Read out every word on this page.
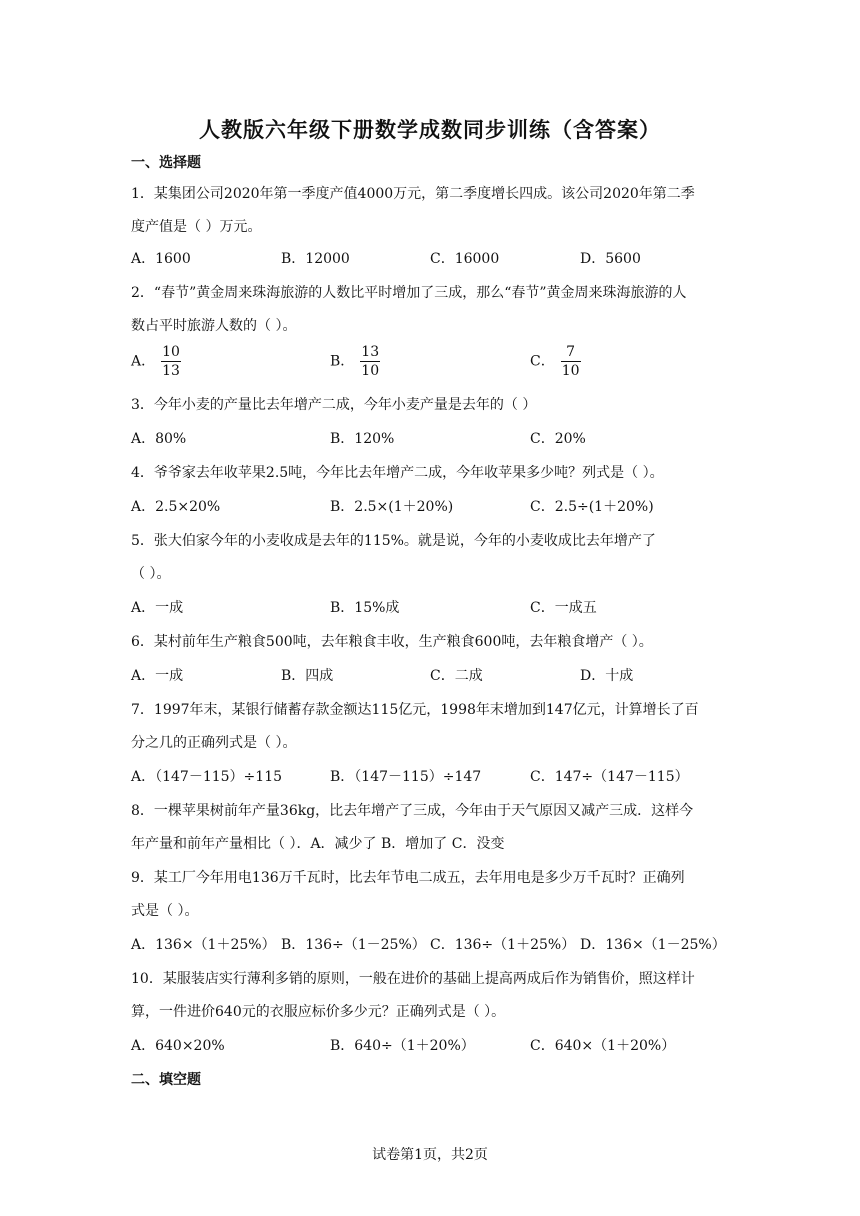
人教版六年级下册数学成数同步训练（含答案）
一、选择题
1．某集团公司2020年第一季度产值4000万元，第二季度增长四成。该公司2020年第二季
度产值是（ ）万元。
A．1600	B．12000	C．16000	D．5600
2．“春节”黄金周来珠海旅游的人数比平时增加了三成，那么“春节”黄金周来珠海旅游的人
数占平时旅游人数的（ ）。
A． $\frac{10}{13}$	B． $\frac{13}{10}$	C． $\frac{7}{10}$
3．今年小麦的产量比去年增产二成，今年小麦产量是去年的（ ）
A．80%	B．120%	C．20%
4．爷爷家去年收苹果2.5吨，今年比去年增产二成，今年收苹果多少吨？列式是（ ）。
A．2.5×20%	B．2.5×(1＋20%)	C．2.5÷(1＋20%)
5．张大伯家今年的小麦收成是去年的115%。就是说，今年的小麦收成比去年增产了
（ ）。
A．一成	B．15%成	C．一成五
6．某村前年生产粮食500吨，去年粮食丰收，生产粮食600吨，去年粮食增产（ ）。
A．一成	B．四成	C．二成	D．十成
7．1997年末，某银行储蓄存款金额达115亿元，1998年末增加到147亿元，计算增长了百
分之几的正确列式是（ ）。
A．（147－115）÷115	B．（147－115）÷147	C．147÷（147－115）
8．一棵苹果树前年产量36kg，比去年增产了三成，今年由于天气原因又减产三成．这样今
年产量和前年产量相比（ ）．A．减少了 B．增加了 C．没变
9．某工厂今年用电136万千瓦时，比去年节电二成五，去年用电是多少万千瓦时？正确列
式是（ ）。
A．136×（1＋25%） B．136÷（1－25%） C．136÷（1＋25%） D．136×（1－25%）
10．某服装店实行薄利多销的原则，一般在进价的基础上提高两成后作为销售价，照这样计
算，一件进价640元的衣服应标价多少元？正确列式是（ ）。
A．640×20%	B．640÷（1＋20%）	C．640×（1＋20%）
二、填空题
试卷第1页，共2页
